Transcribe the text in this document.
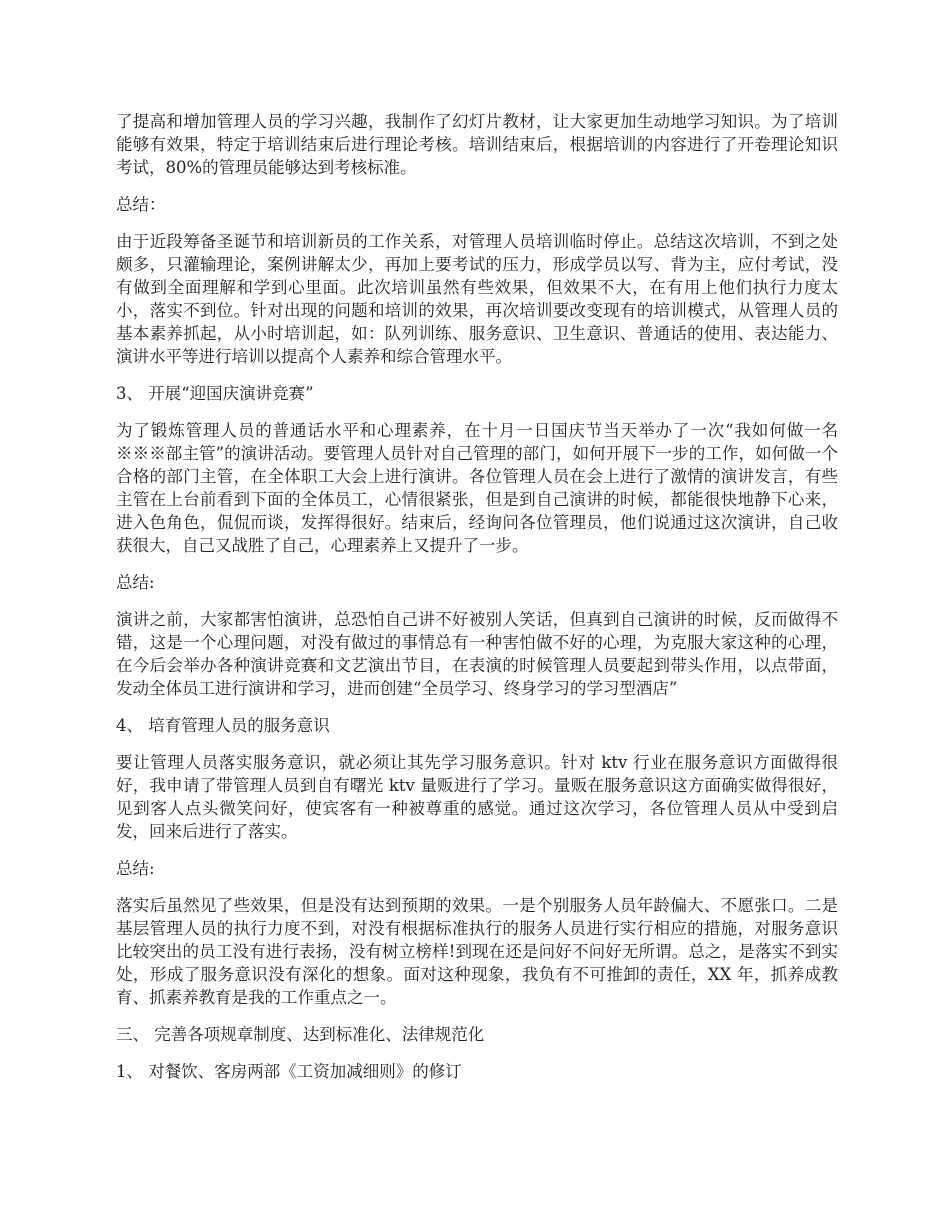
了提高和增加管理人员的学习兴趣，我制作了幻灯片教材，让大家更加生动地学习知识。为了培训能够有效果，特定于培训结束后进行理论考核。培训结束后，根据培训的内容进行了开卷理论知识考试，80%的管理员能够达到考核标准。

总结：

由于近段筹备圣诞节和培训新员的工作关系，对管理人员培训临时停止。总结这次培训，不到之处颇多，只灌输理论，案例讲解太少，再加上要考试的压力，形成学员以写、背为主，应付考试，没有做到全面理解和学到心里面。此次培训虽然有些效果，但效果不大，在有用上他们执行力度太小，落实不到位。针对出现的问题和培训的效果，再次培训要改变现有的培训模式，从管理人员的基本素养抓起，从小时培训起，如：队列训练、服务意识、卫生意识、普通话的使用、表达能力、演讲水平等进行培训以提高个人素养和综合管理水平。

3、 开展“迎国庆演讲竞赛”

为了锻炼管理人员的普通话水平和心理素养，在十月一日国庆节当天举办了一次“我如何做一名※※※部主管”的演讲活动。要管理人员针对自己管理的部门，如何开展下一步的工作，如何做一个合格的部门主管，在全体职工大会上进行演讲。各位管理人员在会上进行了激情的演讲发言，有些主管在上台前看到下面的全体员工，心情很紧张，但是到自己演讲的时候，都能很快地静下心来，进入色角色，侃侃而谈，发挥得很好。结束后，经询问各位管理员，他们说通过这次演讲，自己收获很大，自己又战胜了自己，心理素养上又提升了一步。

总结:

演讲之前，大家都害怕演讲，总恐怕自己讲不好被别人笑话，但真到自己演讲的时候，反而做得不错，这是一个心理问题，对没有做过的事情总有一种害怕做不好的心理，为克服大家这种的心理，在今后会举办各种演讲竞赛和文艺演出节目，在表演的时候管理人员要起到带头作用，以点带面，发动全体员工进行演讲和学习，进而创建“全员学习、终身学习的学习型酒店”

4、 培育管理人员的服务意识

要让管理人员落实服务意识，就必须让其先学习服务意识。针对 ktv 行业在服务意识方面做得很好，我申请了带管理人员到自有曙光 ktv 量贩进行了学习。量贩在服务意识这方面确实做得很好，见到客人点头微笑问好，使宾客有一种被尊重的感觉。通过这次学习，各位管理人员从中受到启发，回来后进行了落实。

总结:

落实后虽然见了些效果，但是没有达到预期的效果。一是个别服务人员年龄偏大、不愿张口。二是基层管理人员的执行力度不到，对没有根据标准执行的服务人员进行实行相应的措施，对服务意识比较突出的员工没有进行表扬，没有树立榜样!到现在还是问好不问好无所谓。总之，是落实不到实处，形成了服务意识没有深化的想象。面对这种现象，我负有不可推卸的责任，XX 年，抓养成教育、抓素养教育是我的工作重点之一。

三、 完善各项规章制度、达到标准化、法律规范化

1、 对餐饮、客房两部《工资加减细则》的修订
